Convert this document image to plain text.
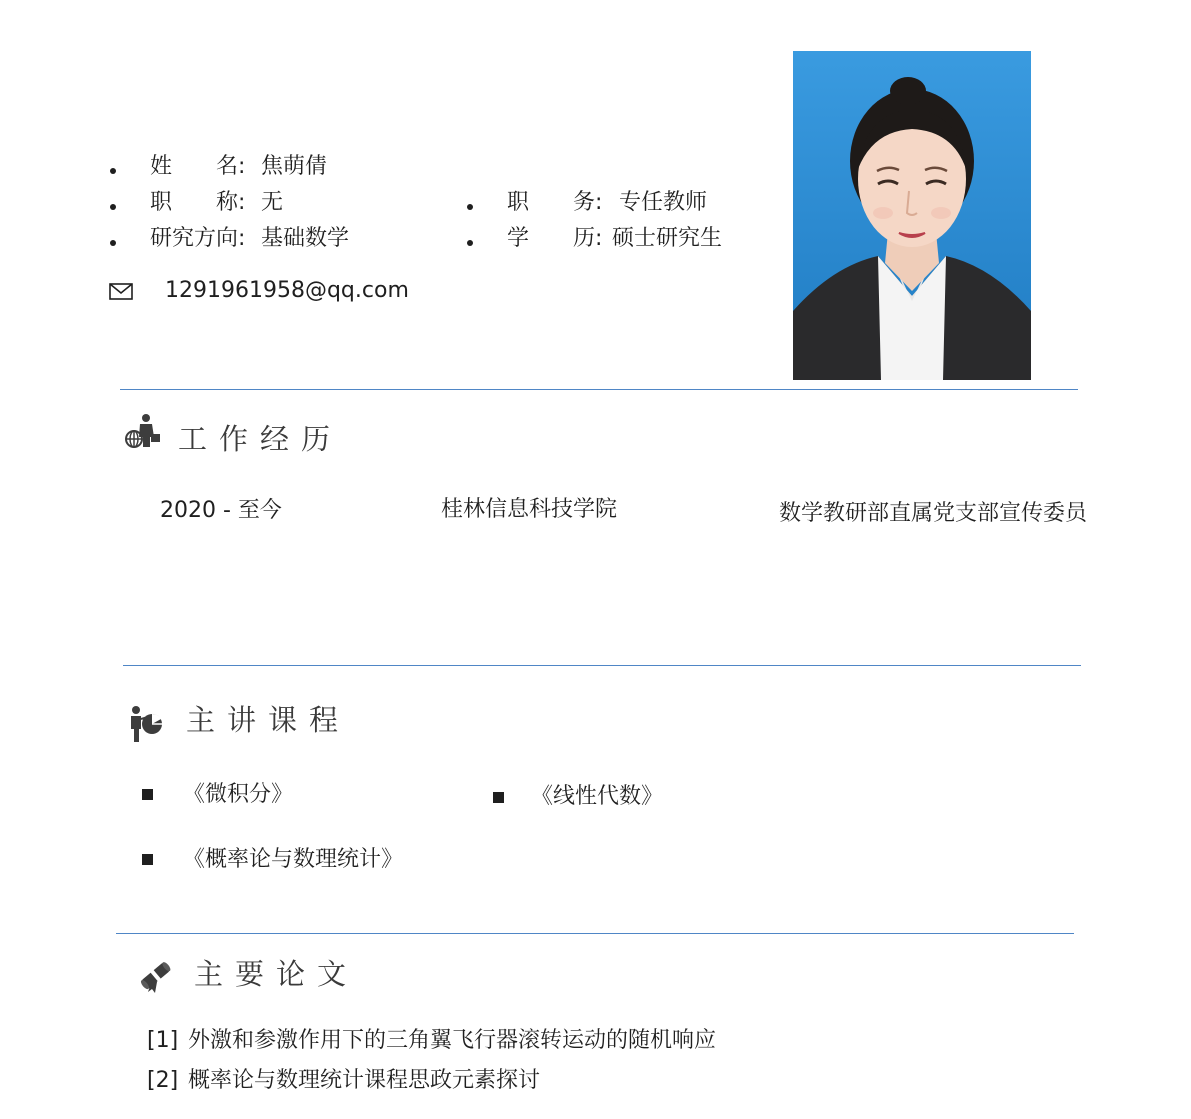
姓　　名: 焦萌倩
职　　称: 无	职　　务: 专任教师
研究方向: 基础数学	学　　历: 硕士研究生
1291961958@qq.com
工作经历
2020 - 至今	桂林信息科技学院	数学教研部直属党支部宣传委员
主讲课程
《微积分》	《线性代数》
《概率论与数理统计》
主要论文
[1] 外激和参激作用下的三角翼飞行器滚转运动的随机响应
[2] 概率论与数理统计课程思政元素探讨
